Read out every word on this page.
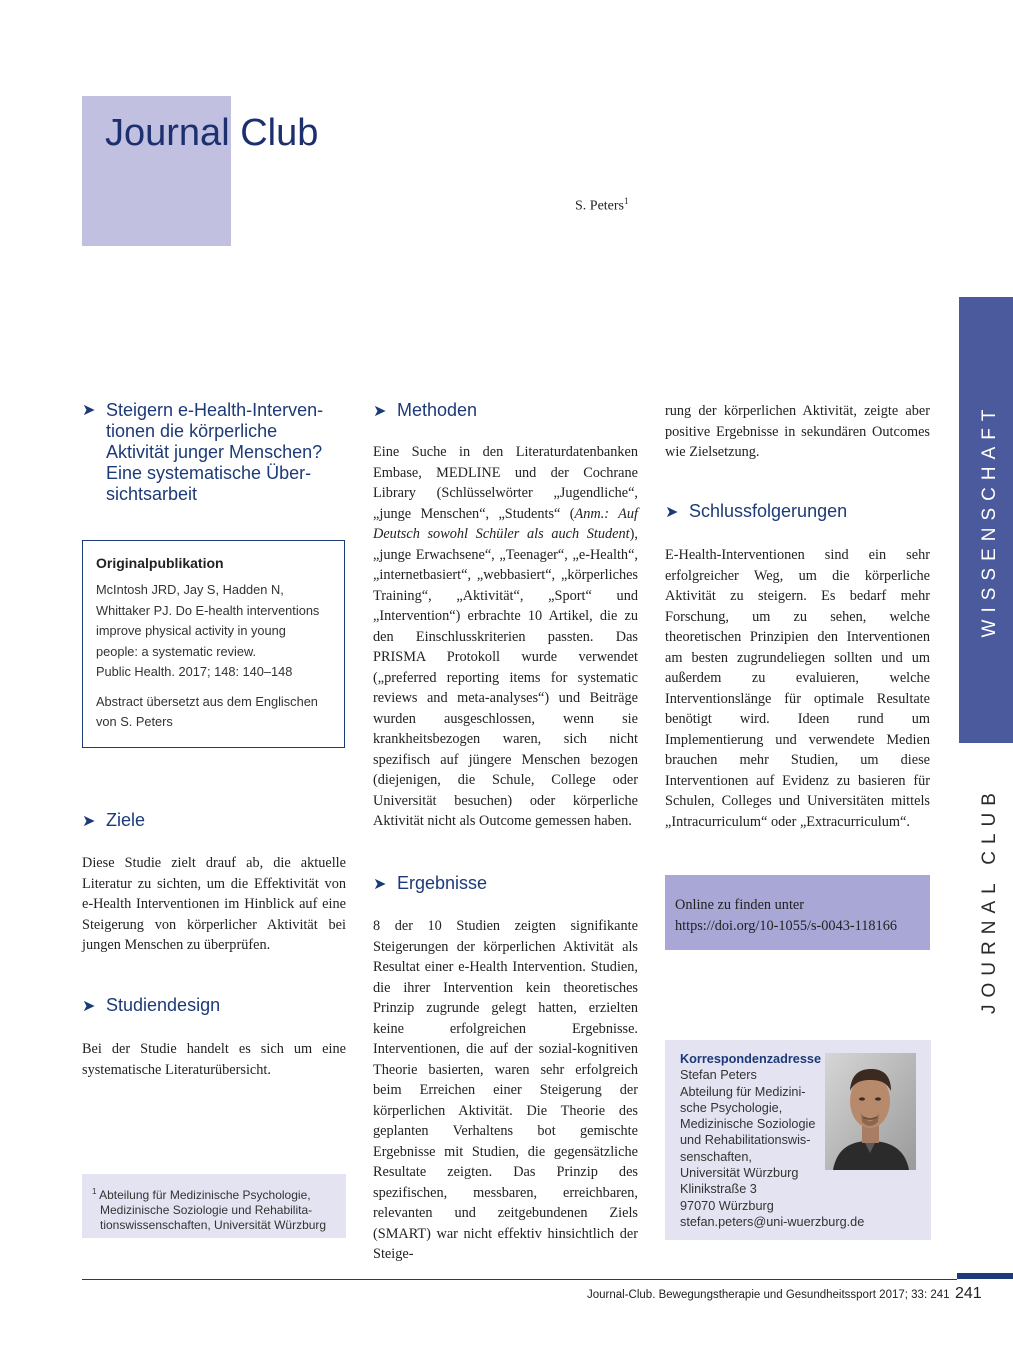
Journal Club
S. Peters$^1$
WISSENSCHAFT
JOURNAL CLUB
➤ Steigern e-Health-Interven-
tionen die körperliche
Aktivität junger Menschen?
Eine systematische Über-
sichtsarbeit
Originalpublikation
McIntosh JRD, Jay S, Hadden N,
Whittaker PJ. Do E-health interventions
improve physical activity in young
people: a systematic review.
Public Health. 2017; 148: 140–148
Abstract übersetzt aus dem Englischen
von S. Peters
➤ Ziele
Diese Studie zielt drauf ab, die aktuelle Literatur zu sichten, um die Effektivität von e-Health Interventionen im Hinblick auf eine Steigerung von körperlicher Aktivität bei jungen Menschen zu überprüfen.
➤ Studiendesign
Bei der Studie handelt es sich um eine systematische Literaturübersicht.
$^1$ Abteilung für Medizinische Psychologie,
Medizinische Soziologie und Rehabilita-
tionswissenschaften, Universität Würzburg
➤ Methoden
Eine Suche in den Literaturdatenbanken Embase, MEDLINE und der Cochrane Library (Schlüsselwörter „Jugendliche“, „junge Menschen“, „Students“ (Anm.: Auf Deutsch sowohl Schüler als auch Student), „junge Erwachsene“, „Teenager“, „e-Health“, „internetbasiert“, „webbasiert“, „körperliches Training“, „Aktivität“, „Sport“ und „Intervention“) erbrachte 10 Artikel, die zu den Einschlusskriterien passten. Das PRISMA Protokoll wurde verwendet („preferred reporting items for systematic reviews and meta-analyses“) und Beiträge wurden ausgeschlossen, wenn sie krankheitsbezogen waren, sich nicht spezifisch auf jüngere Menschen bezogen (diejenigen, die Schule, College oder Universität besuchen) oder körperliche Aktivität nicht als Outcome gemessen haben.
➤ Ergebnisse
8 der 10 Studien zeigten signifikante Steigerungen der körperlichen Aktivität als Resultat einer e-Health Intervention. Studien, die ihrer Intervention kein theoretisches Prinzip zugrunde gelegt hatten, erzielten keine erfolgreichen Ergebnisse. Interventionen, die auf der sozial-kognitiven Theorie basierten, waren sehr erfolgreich beim Erreichen einer Steigerung der körperlichen Aktivität. Die Theorie des geplanten Verhaltens bot gemischte Ergebnisse mit Studien, die gegensätzliche Resultate zeigten. Das Prinzip des spezifischen, messbaren, erreichbaren, relevanten und zeitgebundenen Ziels (SMART) war nicht effektiv hinsichtlich der Steige-
rung der körperlichen Aktivität, zeigte aber positive Ergebnisse in sekundären Outcomes wie Zielsetzung.
➤ Schlussfolgerungen
E-Health-Interventionen sind ein sehr erfolgreicher Weg, um die körperliche Aktivität zu steigern. Es bedarf mehr Forschung, um zu sehen, welche theoretischen Prinzipien den Interventionen am besten zugrundeliegen sollten und um außerdem zu evaluieren, welche Interventionslänge für optimale Resultate benötigt wird. Ideen rund um Implementierung und verwendete Medien brauchen mehr Studien, um diese Interventionen auf Evidenz zu basieren für Schulen, Colleges und Universitäten mittels „Intracurriculum“ oder „Extracurriculum“.
Online zu finden unter
https://doi.org/10-1055/s-0043-118166
Korrespondenzadresse
Stefan Peters
Abteilung für Medizini-
sche Psychologie,
Medizinische Soziologie
und Rehabilitationswis-
senschaften,
Universität Würzburg
Klinikstraße 3
97070 Würzburg
stefan.peters@uni-wuerzburg.de
Journal-Club. Bewegungstherapie und Gesundheitssport 2017; 33: 241 241
